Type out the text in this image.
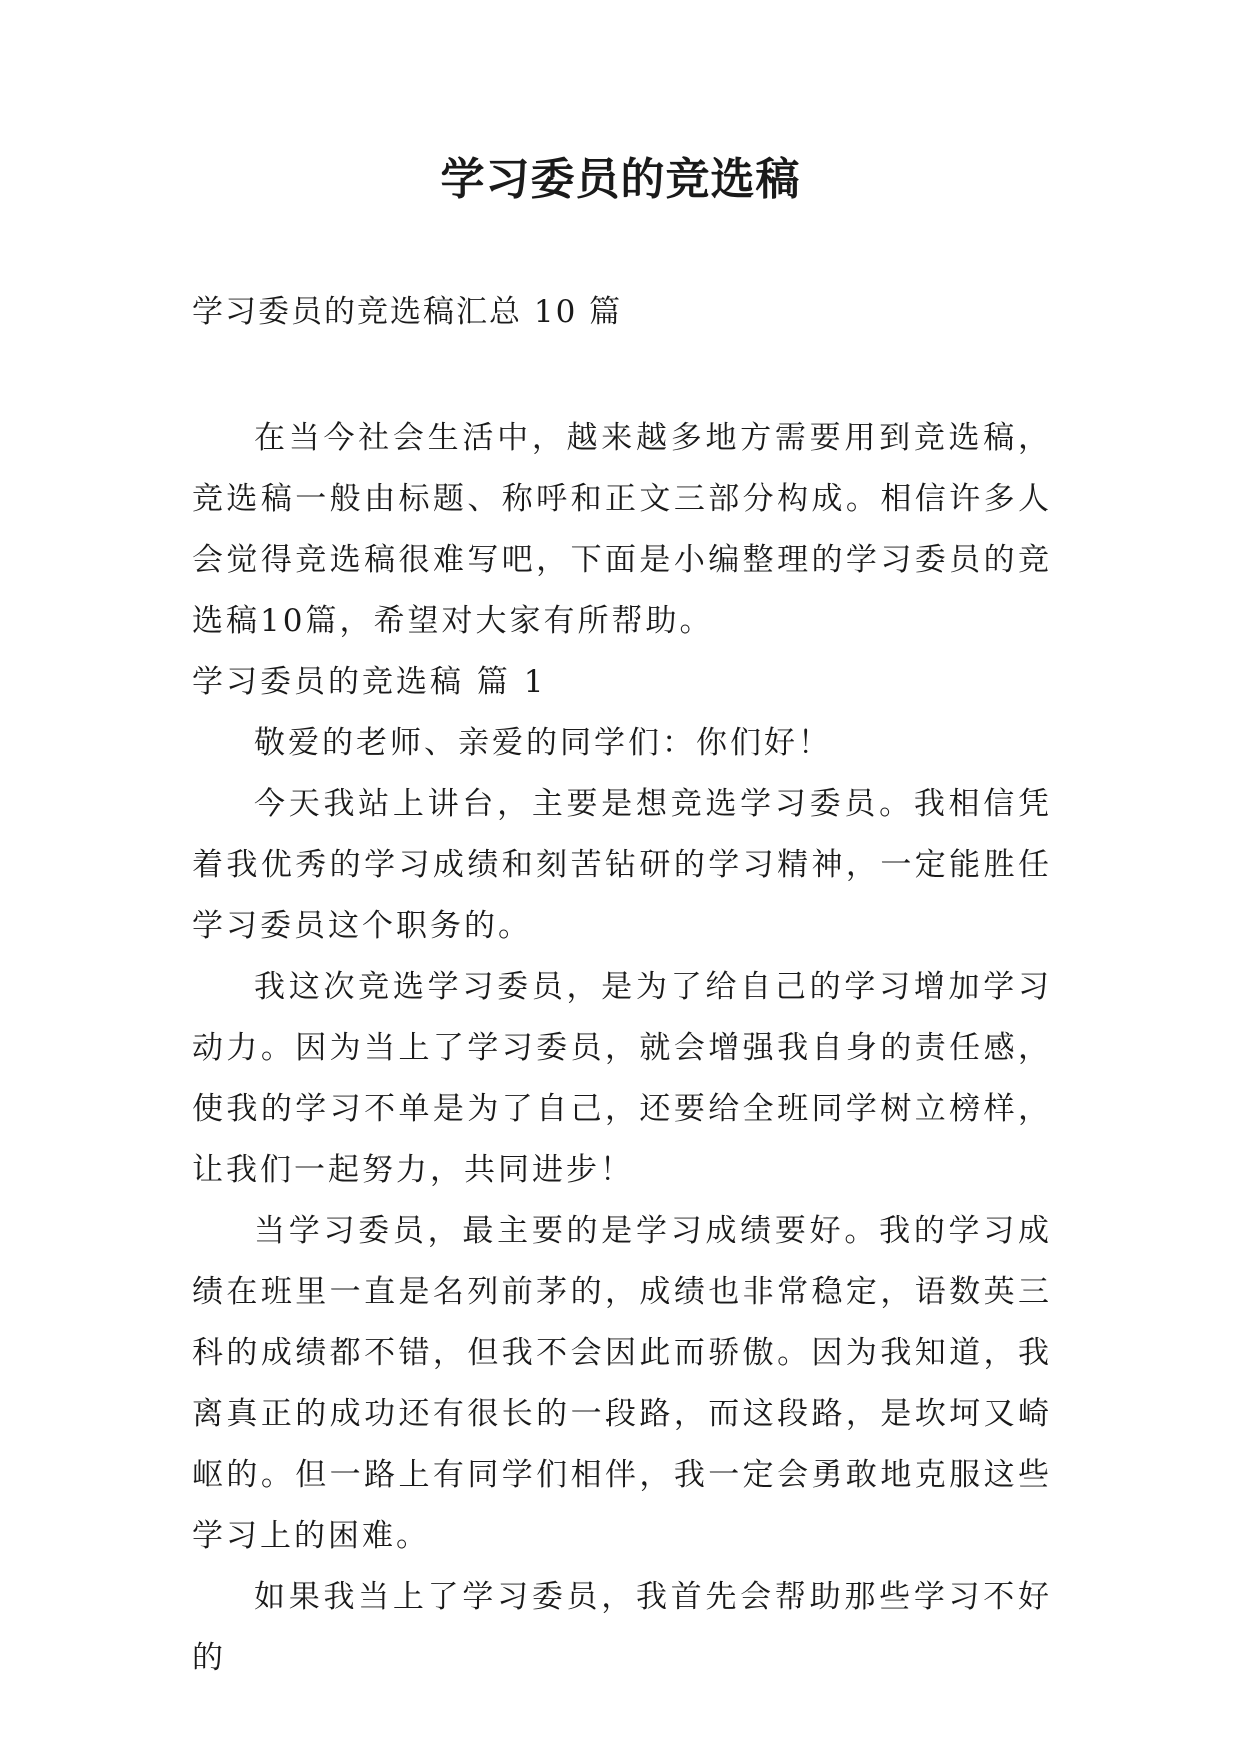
学习委员的竞选稿

学习委员的竞选稿汇总 10 篇

在当今社会生活中，越来越多地方需要用到竞选稿，竞选稿一般由标题、称呼和正文三部分构成。相信许多人会觉得竞选稿很难写吧，下面是小编整理的学习委员的竞选稿10篇，希望对大家有所帮助。

学习委员的竞选稿 篇 1

敬爱的老师、亲爱的同学们：你们好！

今天我站上讲台，主要是想竞选学习委员。我相信凭着我优秀的学习成绩和刻苦钻研的学习精神，一定能胜任学习委员这个职务的。

我这次竞选学习委员，是为了给自己的学习增加学习动力。因为当上了学习委员，就会增强我自身的责任感，使我的学习不单是为了自己，还要给全班同学树立榜样，让我们一起努力，共同进步！

当学习委员，最主要的是学习成绩要好。我的学习成绩在班里一直是名列前茅的，成绩也非常稳定，语数英三科的成绩都不错，但我不会因此而骄傲。因为我知道，我离真正的成功还有很长的一段路，而这段路，是坎坷又崎岖的。但一路上有同学们相伴，我一定会勇敢地克服这些学习上的困难。

如果我当上了学习委员，我首先会帮助那些学习不好的
